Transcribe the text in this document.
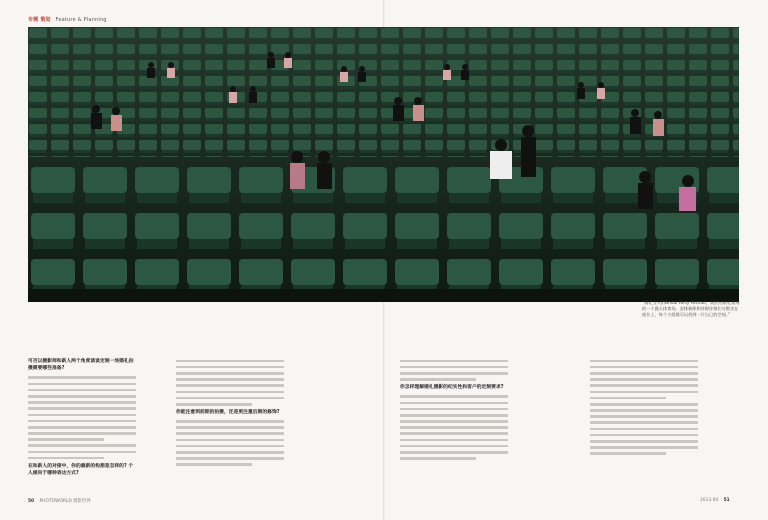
专题 策划 Feature & Planning
“婚礼当天的Bridal Party Portrait，既然用婚礼现场的一个露天体育场，安排新郎和伴郎伴娘们分散坐在座位上，每个小组都可以找到一片自己的空间。”
可否以摄影师和新人两个角度谈谈定制一场婚礼拍摄需要哪些准备?
在和新人的对接中，你的最新的构想是怎样的? 个人倾向于哪种表达方式?
你能注意到前期的拍摄，还是更注重后期的修饰?
你怎样理解婚礼摄影的纪实性和客户的定制要求?
50 PHOTOWORLD 摄影世界	2013.04 51
